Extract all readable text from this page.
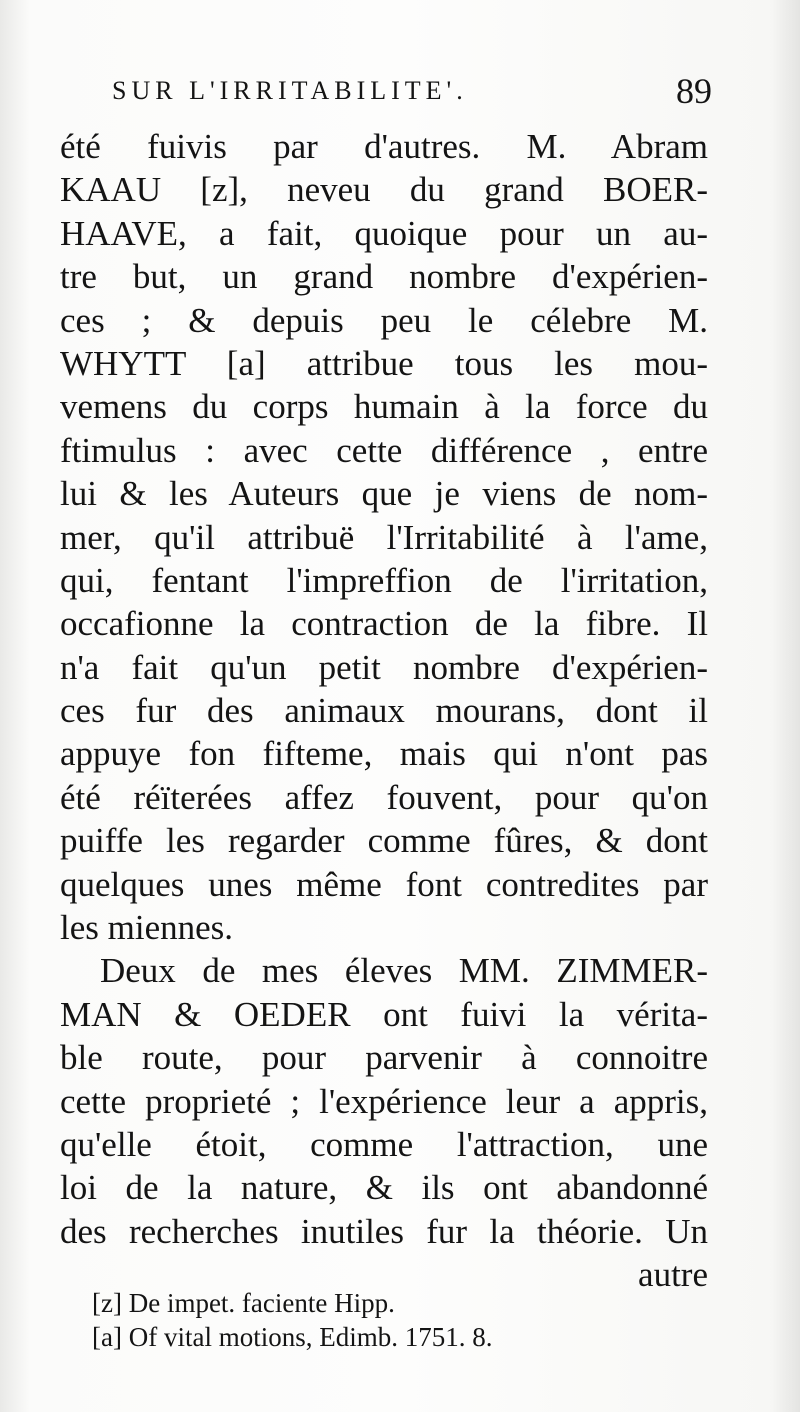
SUR L'IRRITABILITE'.	89
été fuivis par d'autres. M. Abram
KAAU [z], neveu du grand BOER-
HAAVE, a fait, quoique pour un au-
tre but, un grand nombre d'expérien-
ces ; & depuis peu le célebre M.
WHYTT [a] attribue tous les mou-
vemens du corps humain à la force du
ftimulus : avec cette différence , entre
lui & les Auteurs que je viens de nom-
mer, qu'il attribuë l'Irritabilité à l'ame,
qui, fentant l'impreffion de l'irritation,
occafionne la contraction de la fibre. Il
n'a fait qu'un petit nombre d'expérien-
ces fur des animaux mourans, dont il
appuye fon fifteme, mais qui n'ont pas
été réïterées affez fouvent, pour qu'on
puiffe les regarder comme fûres, & dont
quelques unes même font contredites par
les miennes.
Deux de mes éleves MM. ZIMMER-
MAN & OEDER ont fuivi la vérita-
ble route, pour parvenir à connoitre
cette proprieté ; l'expérience leur a appris,
qu'elle étoit, comme l'attraction, une
loi de la nature, & ils ont abandonné
des recherches inutiles fur la théorie. Un
autre
[z] De impet. faciente Hipp.
[a] Of vital motions, Edimb. 1751. 8.
